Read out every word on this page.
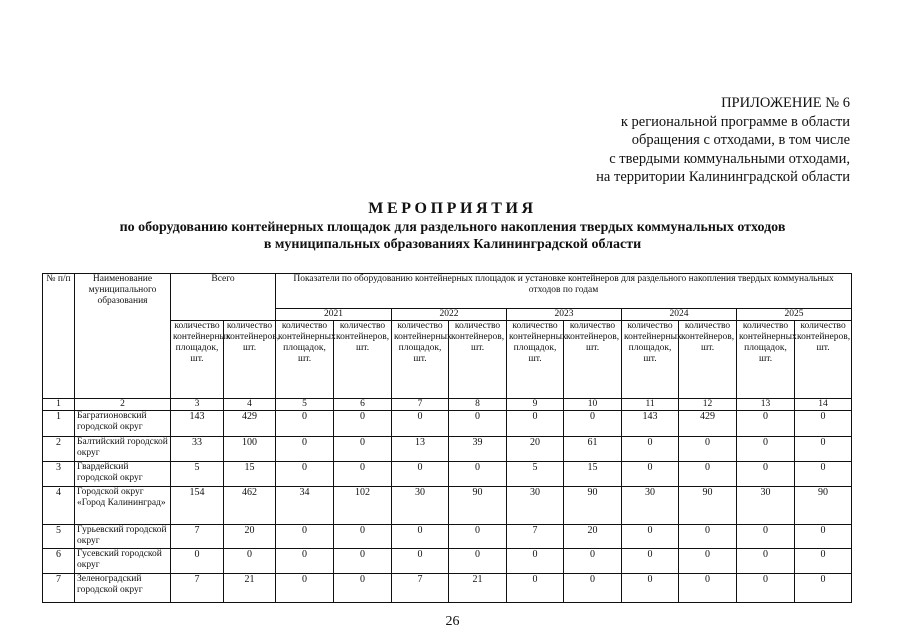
ПРИЛОЖЕНИЕ № 6
к региональной программе в области
обращения с отходами, в том числе
с твердыми коммунальными отходами,
на территории Калининградской области
МЕРОПРИЯТИЯ
по оборудованию контейнерных площадок для раздельного накопления твердых коммунальных отходов
в муниципальных образованиях Калининградской области
№ п/п	Наименование муниципального образования	Всего		Показатели по оборудованию контейнерных площадок и установке контейнеров для раздельного накопления твердых коммунальных отходов по годам									
				2021		2022		2023		2024		2025	
		количество контейнерных площадок, шт.	количество контейнеров, шт.	количество контейнерных площадок, шт.	количество контейнеров, шт.	количество контейнерных площадок, шт.	количество контейнеров, шт.	количество контейнерных площадок, шт.	количество контейнеров, шт.	количество контейнерных площадок, шт.	количество контейнеров, шт.	количество контейнерных площадок, шт.	количество контейнеров, шт.
1	2	3	4	5	6	7	8	9	10	11	12	13	14
1	Багратионовский городской округ	143	429	0	0	0	0	0	0	143	429	0	0
2	Балтийский городской округ	33	100	0	0	13	39	20	61	0	0	0	0
3	Гвардейский городской округ	5	15	0	0	0	0	5	15	0	0	0	0
4	Городской округ «Город Калининград»	154	462	34	102	30	90	30	90	30	90	30	90
5	Гурьевский городской округ	7	20	0	0	0	0	7	20	0	0	0	0
6	Гусевский городской округ	0	0	0	0	0	0	0	0	0	0	0	0
7	Зеленоградский городской округ	7	21	0	0	7	21	0	0	0	0	0	0
26
